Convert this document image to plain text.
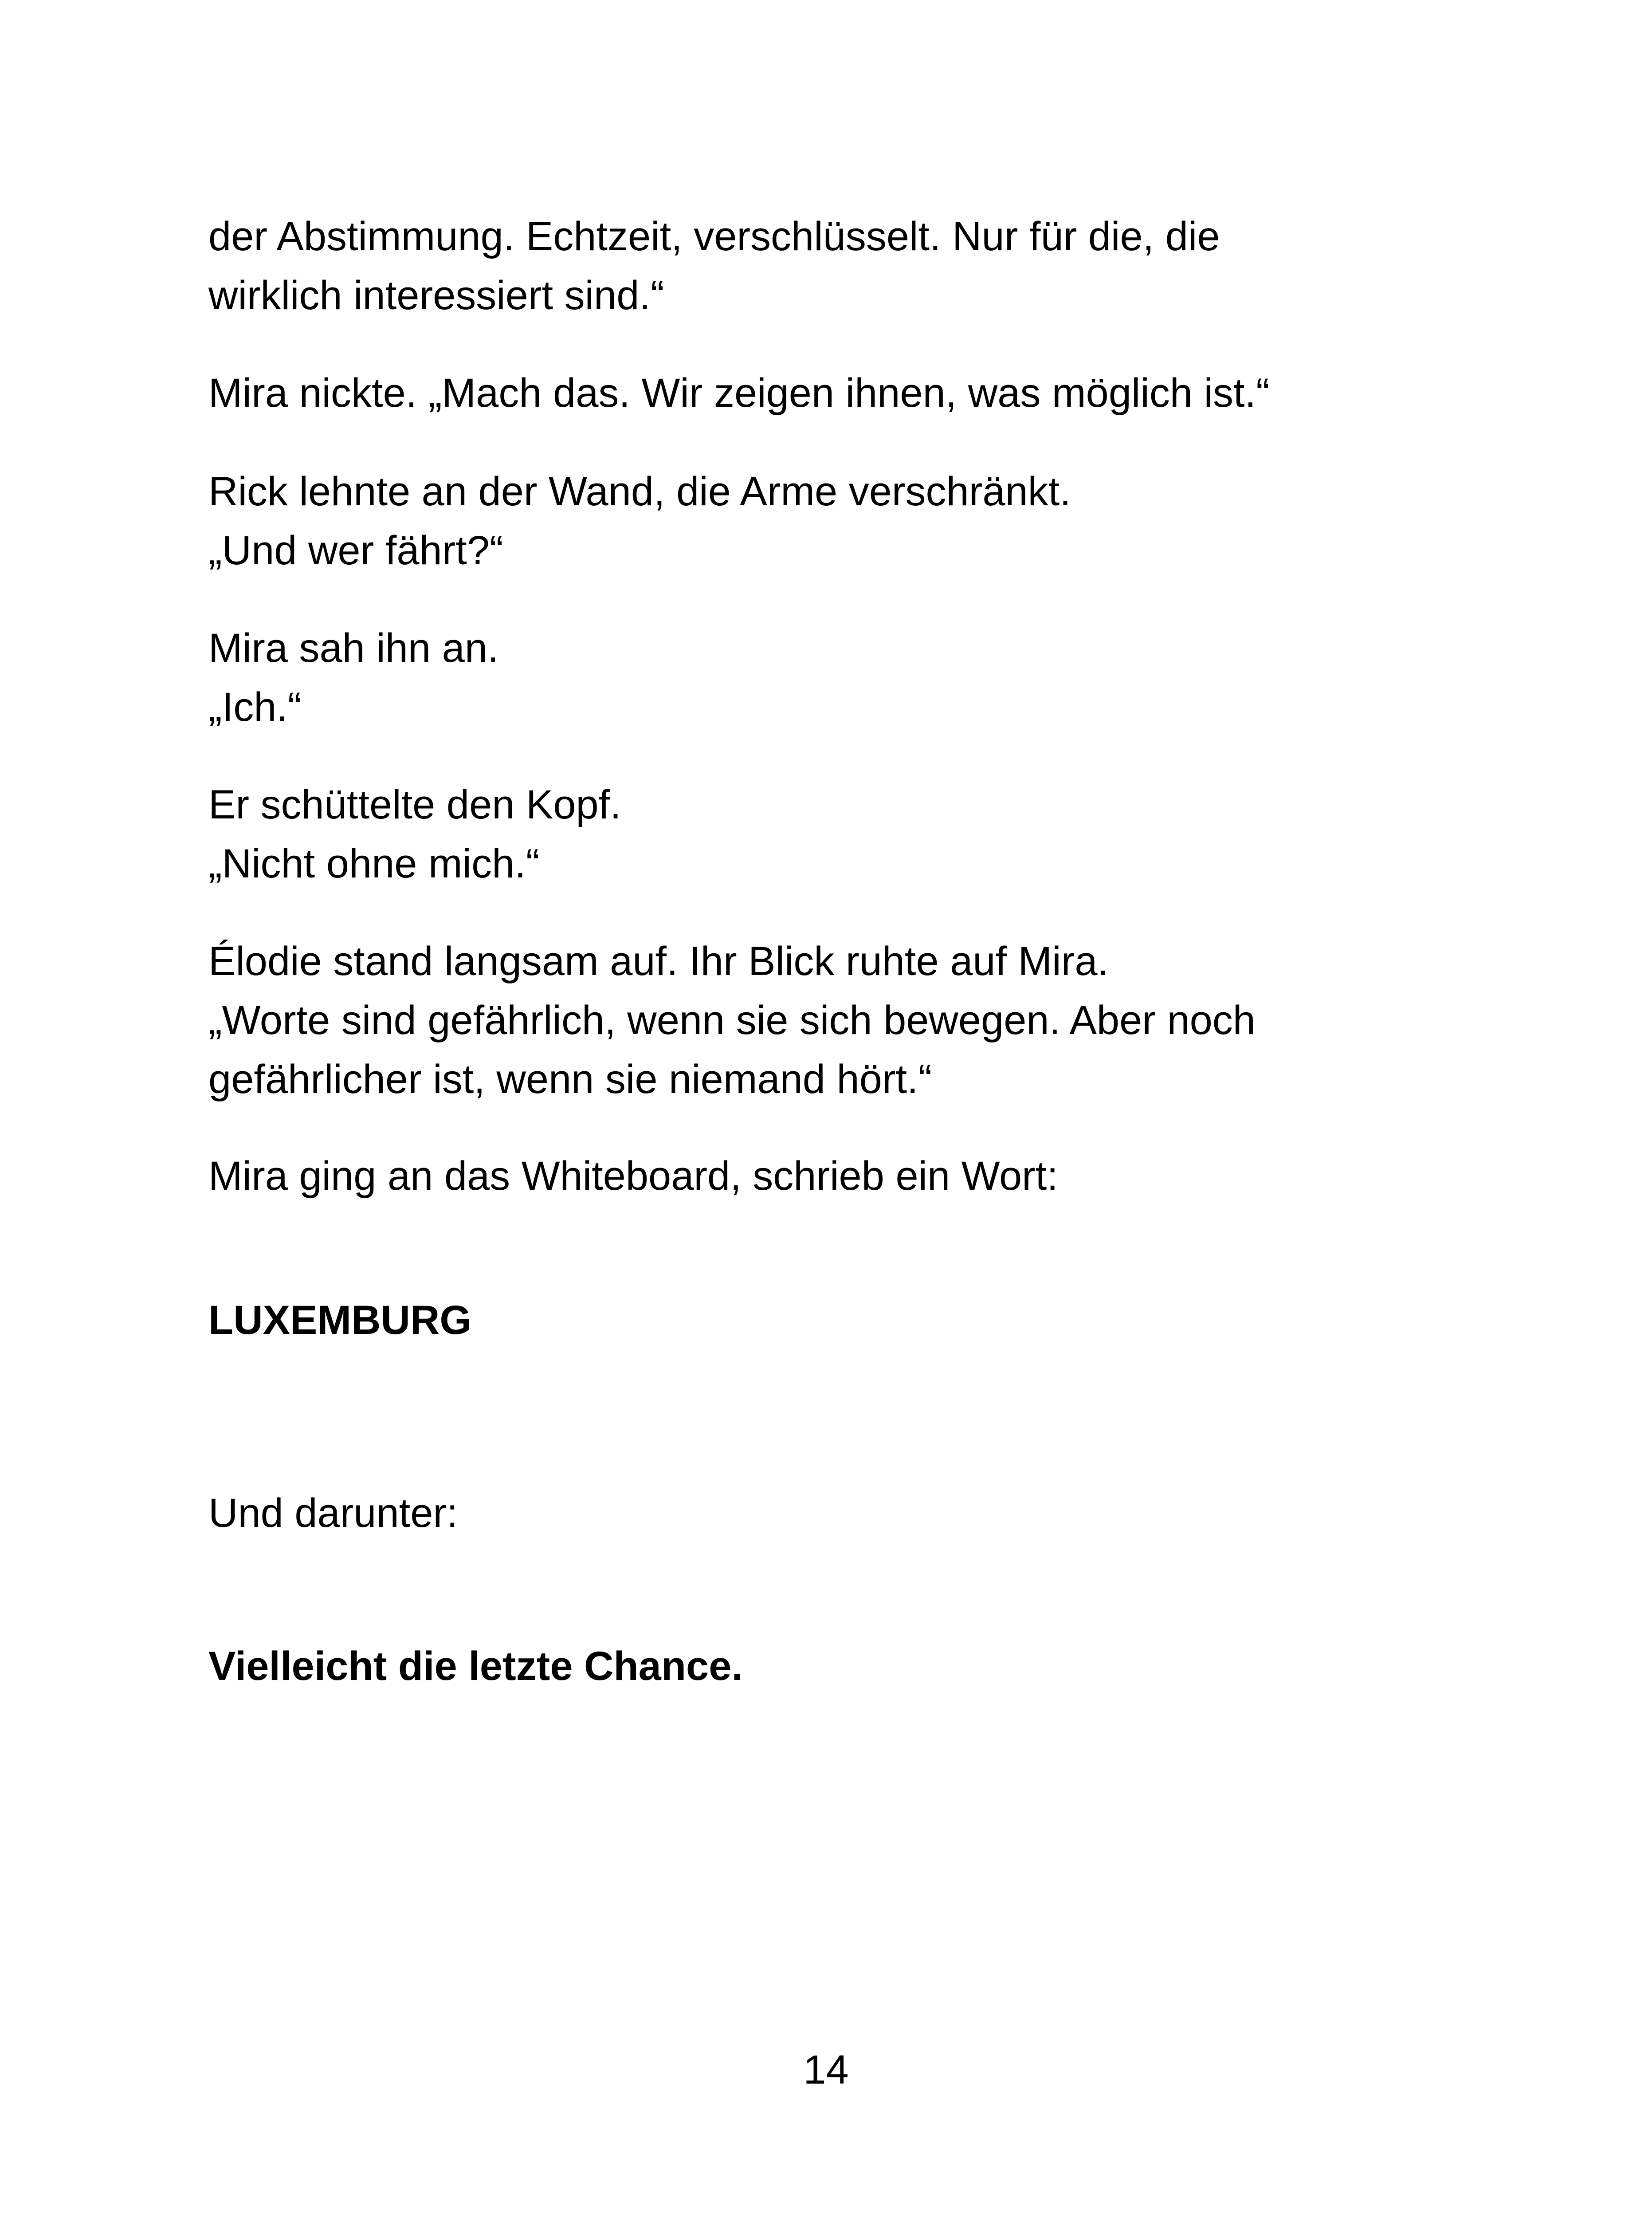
der Abstimmung. Echtzeit, verschlüsselt. Nur für die, die
wirklich interessiert sind.“
Mira nickte. „Mach das. Wir zeigen ihnen, was möglich ist.“
Rick lehnte an der Wand, die Arme verschränkt.
„Und wer fährt?“
Mira sah ihn an.
„Ich.“
Er schüttelte den Kopf.
„Nicht ohne mich.“
Élodie stand langsam auf. Ihr Blick ruhte auf Mira.
„Worte sind gefährlich, wenn sie sich bewegen. Aber noch
gefährlicher ist, wenn sie niemand hört.“
Mira ging an das Whiteboard, schrieb ein Wort:
LUXEMBURG
Und darunter:
Vielleicht die letzte Chance.
14
